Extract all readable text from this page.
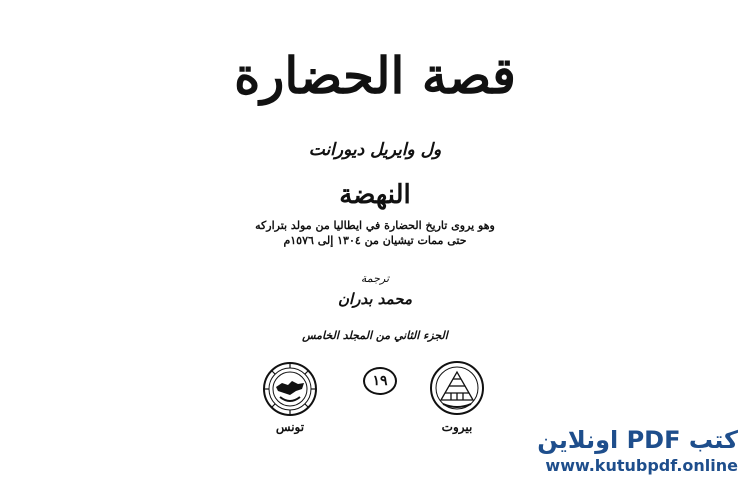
قصة الحضارة
ول وايريل ديورانت
النهضة
وهو يروى تاريخ الحضارة في ايطاليا من مولد بتراركه
حتى ممات تيشيان من ١٣٠٤ إلى ١٥٧٦م
ترجمة
محمد بدران
الجزء الثاني من المجلد الخامس
تونس
١٩
بيروت	كتب PDF اونلاين
www.kutubpdf.online
